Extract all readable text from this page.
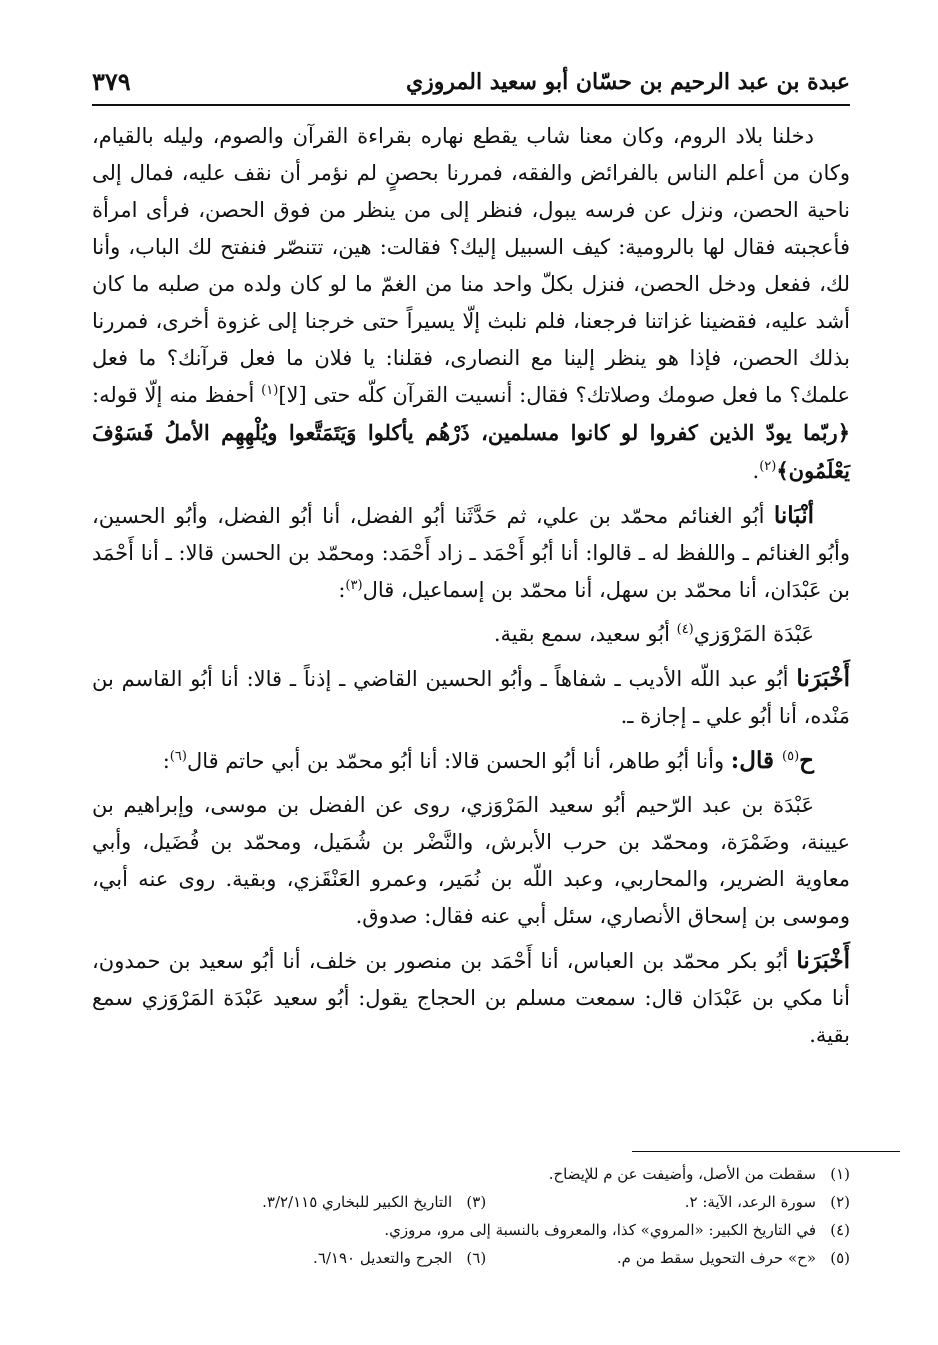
٣٧٩	عبدة بن عبد الرحيم بن حسّان أبو سعيد المروزي

دخلنا بلاد الروم، وكان معنا شاب يقطع نهاره بقراءة القرآن والصوم، وليله بالقيام، وكان من أعلم الناس بالفرائض والفقه، فمررنا بحصنٍ لم نؤمر أن نقف عليه، فمال إلى ناحية الحصن، ونزل عن فرسه يبول، فنظر إلى من ينظر من فوق الحصن، فرأى امرأة فأعجبته فقال لها بالرومية: كيف السبيل إليك؟ فقالت: هين، تتنصّر فنفتح لك الباب، وأنا لك، ففعل ودخل الحصن، فنزل بكلّ واحد منا من الغمّ ما لو كان ولده من صلبه ما كان أشد عليه، فقضينا غزاتنا فرجعنا، فلم نلبث إلّا يسيراً حتى خرجنا إلى غزوة أخرى، فمررنا بذلك الحصن، فإذا هو ينظر إلينا مع النصارى، فقلنا: يا فلان ما فعل قرآنك؟ ما فعل علمك؟ ما فعل صومك وصلاتك؟ فقال: أنسيت القرآن كلّه حتى [لا]$^{(١)}$ أحفظ منه إلّا قوله: ﴿ربّما يودّ الذين كفروا لو كانوا مسلمين، ذَرْهُم يأكلوا وَيَتَمَتَّعوا ويُلْهِهِم الأملُ فَسَوْفَ يَعْلَمُون﴾$^{(٢)}$.

أنْبَانا أبُو الغنائم محمّد بن علي، ثم حَدَّثَنا أبُو الفضل، أنا أبُو الفضل، وأبُو الحسين، وأبُو الغنائم ـ واللفظ له ـ قالوا: أنا أبُو أَحْمَد ـ زاد أَحْمَد: ومحمّد بن الحسن قالا: ـ أنا أَحْمَد بن عَبْدَان، أنا محمّد بن سهل، أنا محمّد بن إسماعيل، قال$^{(٣)}$:

عَبْدَة المَرْوَزي$^{(٤)}$ أبُو سعيد، سمع بقية.

أَخْبَرَنا أبُو عبد اللّه الأديب ـ شفاهاً ـ وأبُو الحسين القاضي ـ إذناً ـ قالا: أنا أبُو القاسم بن مَنْده، أنا أبُو علي ـ إجازة ـ.

ح$^{(٥)}$ قال: وأنا أبُو طاهر، أنا أبُو الحسن قالا: أنا أبُو محمّد بن أبي حاتم قال$^{(٦)}$:

عَبْدَة بن عبد الرّحيم أبُو سعيد المَرْوَزي، روى عن الفضل بن موسى، وإبراهيم بن عيينة، وضَمْرَة، ومحمّد بن حرب الأبرش، والنَّضْر بن شُمَيل، ومحمّد بن فُضَيل، وأبي معاوية الضرير، والمحاربي، وعبد اللّه بن نُمَير، وعمرو العَنْقَزي، وبقية. روى عنه أبي، وموسى بن إسحاق الأنصاري، سئل أبي عنه فقال: صدوق.

أَخْبَرَنا أبُو بكر محمّد بن العباس، أنا أَحْمَد بن منصور بن خلف، أنا أبُو سعيد بن حمدون، أنا مكي بن عَبْدَان قال: سمعت مسلم بن الحجاج يقول: أبُو سعيد عَبْدَة المَرْوَزي سمع بقية.

(١)سقطت من الأصل، وأضيفت عن م للإيضاح.
(٢)سورة الرعد، الآية: ٢.
(٣)التاريخ الكبير للبخاري ٣/٢/١١٥.
(٤)في التاريخ الكبير: «المروي» كذا، والمعروف بالنسبة إلى مرو، مروزي.
(٥)«ح» حرف التحويل سقط من م.
(٦)الجرح والتعديل ٦/١٩٠.
